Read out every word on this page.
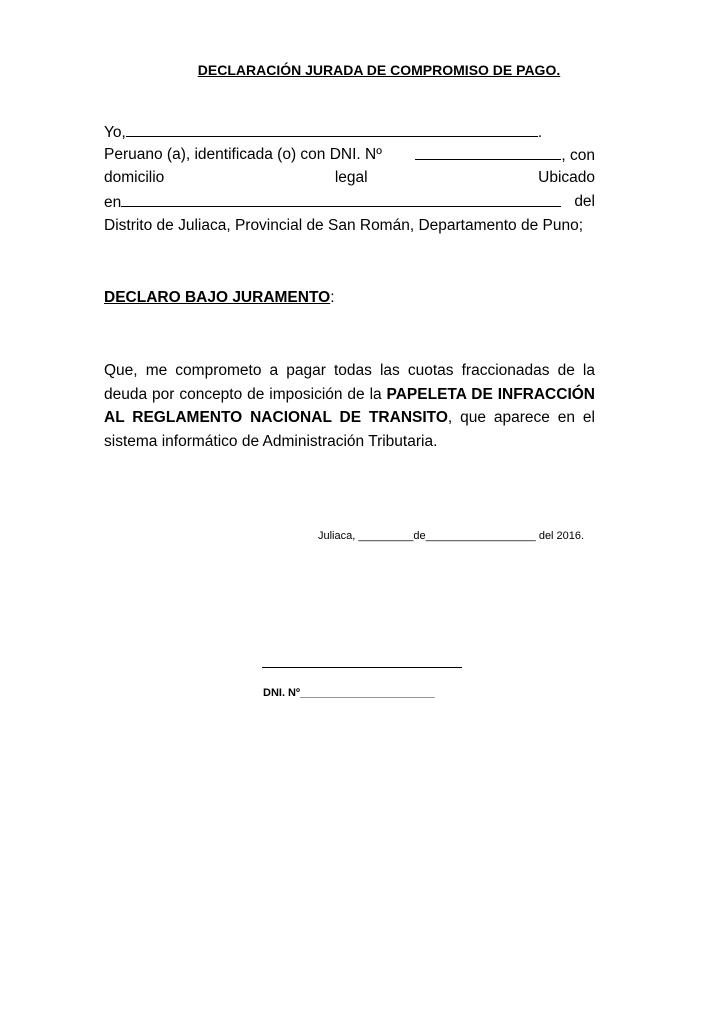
DECLARACIÓN JURADA DE COMPROMISO DE PAGO.
Yo,	.
Peruano (a), identificada (o) con DNI. Nº	, con
domicilio	legal	Ubicado
en	del
Distrito de Juliaca, Provincial de San Román, Departamento de Puno;
DECLARO BAJO JURAMENTO:
Que, me comprometo a pagar todas las cuotas fraccionadas de la deuda por concepto de imposición de la PAPELETA DE INFRACCIÓN AL REGLAMENTO NACIONAL DE TRANSITO, que aparece en el sistema informático de Administración Tributaria.
Juliaca, _________de__________________ del 2016.
DNI. Nº______________________
